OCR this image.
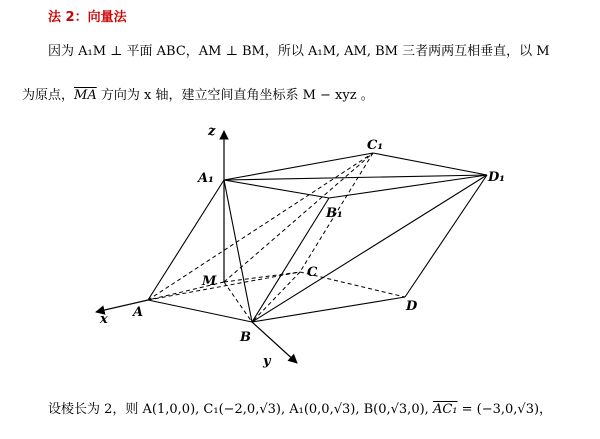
法 2：向量法
因为 A₁M ⊥ 平面 ABC，AM ⊥ BM，所以 A₁M, AM, BM 三者两两互相垂直，以 M
为原点，$\overline{MA}$ 方向为 x 轴，建立空间直角坐标系 M − xyz 。
z
x
y
A₁
C₁
D₁
B₁
M
C
A
B
D
设棱长为 2，则 A(1,0,0), C₁(−2,0,√3), A₁(0,0,√3), B(0,√3,0), AC₁ = (−3,0,√3)，
